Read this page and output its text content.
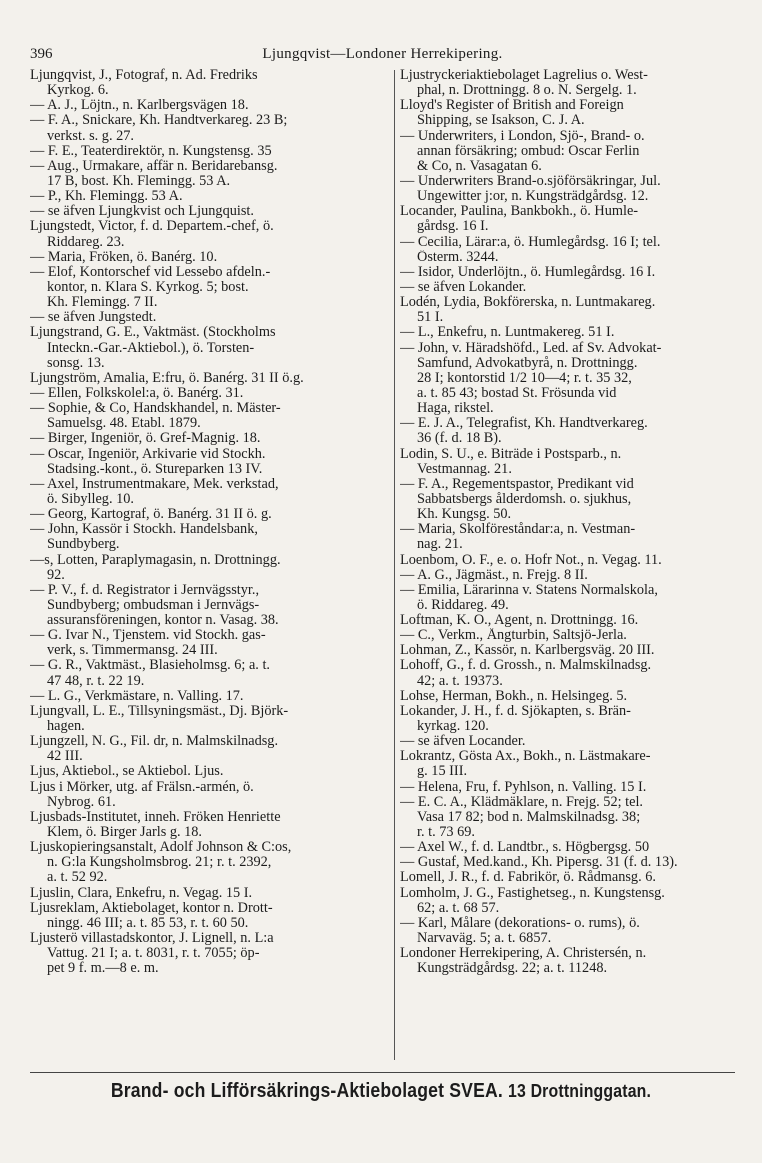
396	Ljungqvist—Londoner Herrekipering.
Ljungqvist, J., Fotograf, n. Ad. Fredriks
Kyrkog. 6.
— A. J., Löjtn., n. Karlbergsvägen 18.
— F. A., Snickare, Kh. Handtverkareg. 23 B;
verkst. s. g. 27.
— F. E., Teaterdirektör, n. Kungstensg. 35
— Aug., Urmakare, affär n. Beridarebansg.
17 B, bost. Kh. Flemingg. 53 A.
— P., Kh. Flemingg. 53 A.
— se äfven Ljungkvist och Ljungquist.
Ljungstedt, Victor, f. d. Departem.-chef, ö.
Riddareg. 23.
— Maria, Fröken, ö. Banérg. 10.
— Elof, Kontorschef vid Lessebo afdeln.-
kontor, n. Klara S. Kyrkog. 5; bost.
Kh. Flemingg. 7 II.
— se äfven Jungstedt.
Ljungstrand, G. E., Vaktmäst. (Stockholms
Inteckn.-Gar.-Aktiebol.), ö. Torsten-
sonsg. 13.
Ljungström, Amalia, E:fru, ö. Banérg. 31 II ö.g.
— Ellen, Folkskolel:a, ö. Banérg. 31.
— Sophie, & Co, Handskhandel, n. Mäster-
Samuelsg. 48. Etabl. 1879.
— Birger, Ingeniör, ö. Gref-Magnig. 18.
— Oscar, Ingeniör, Arkivarie vid Stockh.
Stadsing.-kont., ö. Stureparken 13 IV.
— Axel, Instrumentmakare, Mek. verkstad,
ö. Sibylleg. 10.
— Georg, Kartograf, ö. Banérg. 31 II ö. g.
— John, Kassör i Stockh. Handelsbank,
Sundbyberg.
—s, Lotten, Paraplymagasin, n. Drottningg.
92.
— P. V., f. d. Registrator i Jernvägsstyr.,
Sundbyberg; ombudsman i Jernvägs-
assuransföreningen, kontor n. Vasag. 38.
— G. Ivar N., Tjenstem. vid Stockh. gas-
verk, s. Timmermansg. 24 III.
— G. R., Vaktmäst., Blasieholmsg. 6; a. t.
47 48, r. t. 22 19.
— L. G., Verkmästare, n. Valling. 17.
Ljungvall, L. E., Tillsyningsmäst., Dj. Björk-
hagen.
Ljungzell, N. G., Fil. dr, n. Malmskilnadsg.
42 III.
Ljus, Aktiebol., se Aktiebol. Ljus.
Ljus i Mörker, utg. af Frälsn.-armén, ö.
Nybrog. 61.
Ljusbads-Institutet, inneh. Fröken Henriette
Klem, ö. Birger Jarls g. 18.
Ljuskopieringsanstalt, Adolf Johnson & C:os,
n. G:la Kungsholmsbrog. 21; r. t. 2392,
a. t. 52 92.
Ljuslin, Clara, Enkefru, n. Vegag. 15 I.
Ljusreklam, Aktiebolaget, kontor n. Drott-
ningg. 46 III; a. t. 85 53, r. t. 60 50.
Ljusterö villastadskontor, J. Lignell, n. L:a
Vattug. 21 I; a. t. 8031, r. t. 7055; öp-
pet 9 f. m.—8 e. m.
Ljustryckeriaktiebolaget Lagrelius o. West-
phal, n. Drottningg. 8 o. N. Sergelg. 1.
Lloyd's Register of British and Foreign
Shipping, se Isakson, C. J. A.
— Underwriters, i London, Sjö-, Brand- o.
annan försäkring; ombud: Oscar Ferlin
& Co, n. Vasagatan 6.
— Underwriters Brand-o.sjöförsäkringar, Jul.
Ungewitter j:or, n. Kungsträdgårdsg. 12.
Locander, Paulina, Bankbokh., ö. Humle-
gårdsg. 16 I.
— Cecilia, Lärar:a, ö. Humlegårdsg. 16 I; tel.
Österm. 3244.
— Isidor, Underlöjtn., ö. Humlegårdsg. 16 I.
— se äfven Lokander.
Lodén, Lydia, Bokförerska, n. Luntmakareg.
51 I.
— L., Enkefru, n. Luntmakereg. 51 I.
— John, v. Häradshöfd., Led. af Sv. Advokat-
Samfund, Advokatbyrå, n. Drottningg.
28 I; kontorstid 1/2 10—4; r. t. 35 32,
a. t. 85 43; bostad St. Frösunda vid
Haga, rikstel.
— E. J. A., Telegrafist, Kh. Handtverkareg.
36 (f. d. 18 B).
Lodin, S. U., e. Biträde i Postsparb., n.
Vestmannag. 21.
— F. A., Regementspastor, Predikant vid
Sabbatsbergs ålderdomsh. o. sjukhus,
Kh. Kungsg. 50.
— Maria, Skolföreståndar:a, n. Vestman-
nag. 21.
Loenbom, O. F., e. o. Hofr Not., n. Vegag. 11.
— A. G., Jägmäst., n. Frejg. 8 II.
— Emilia, Lärarinna v. Statens Normalskola,
ö. Riddareg. 49.
Loftman, K. O., Agent, n. Drottningg. 16.
— C., Verkm., Ångturbin, Saltsjö-Jerla.
Lohman, Z., Kassör, n. Karlbergsväg. 20 III.
Lohoff, G., f. d. Grossh., n. Malmskilnadsg.
42; a. t. 19373.
Lohse, Herman, Bokh., n. Helsingeg. 5.
Lokander, J. H., f. d. Sjökapten, s. Brän-
kyrkag. 120.
— se äfven Locander.
Lokrantz, Gösta Ax., Bokh., n. Lästmakare-
g. 15 III.
— Helena, Fru, f. Pyhlson, n. Valling. 15 I.
— E. C. A., Klädmäklare, n. Frejg. 52; tel.
Vasa 17 82; bod n. Malmskilnadsg. 38;
r. t. 73 69.
— Axel W., f. d. Landtbr., s. Högbergsg. 50
— Gustaf, Med.kand., Kh. Pipersg. 31 (f. d. 13).
Lomell, J. R., f. d. Fabrikör, ö. Rådmansg. 6.
Lomholm, J. G., Fastighetseg., n. Kungstensg.
62; a. t. 68 57.
— Karl, Målare (dekorations- o. rums), ö.
Narvaväg. 5; a. t. 6857.
Londoner Herrekipering, A. Christersén, n.
Kungsträdgårdsg. 22; a. t. 11248.
Brand- och Lifförsäkrings-Aktiebolaget SVEA. 13 Drottninggatan.
